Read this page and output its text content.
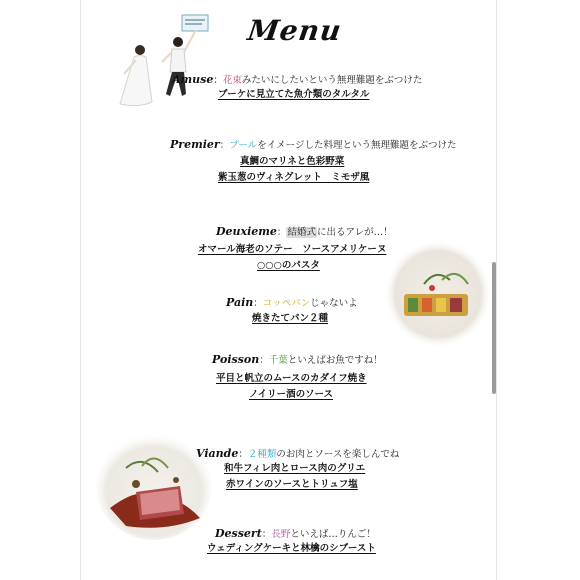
Menu
Amuse：花束みたいにしたいという無理難題をぶつけた
ブーケに見立てた魚介類のタルタル
Premier：プールをイメージした料理という無理難題をぶつけた
真鯛のマリネと色彩野菜
紫玉葱のヴィネグレット　ミモザ風
Deuxieme：結婚式に出るアレが…！
オマール海老のソテー　ソースアメリケーヌ
○○○のパスタ
Pain：コッペパンじゃないよ
焼きたてパン２種
Poisson：千葉といえばお魚ですね！
平目と帆立のムースのカダイフ焼き
ノイリー酒のソース
Viande：２種類のお肉とソースを楽しんでね
和牛フィレ肉とロース肉のグリエ
赤ワインのソースとトリュフ塩
Dessert：長野といえば…りんご！
ウェディングケーキと林檎のシブースト
